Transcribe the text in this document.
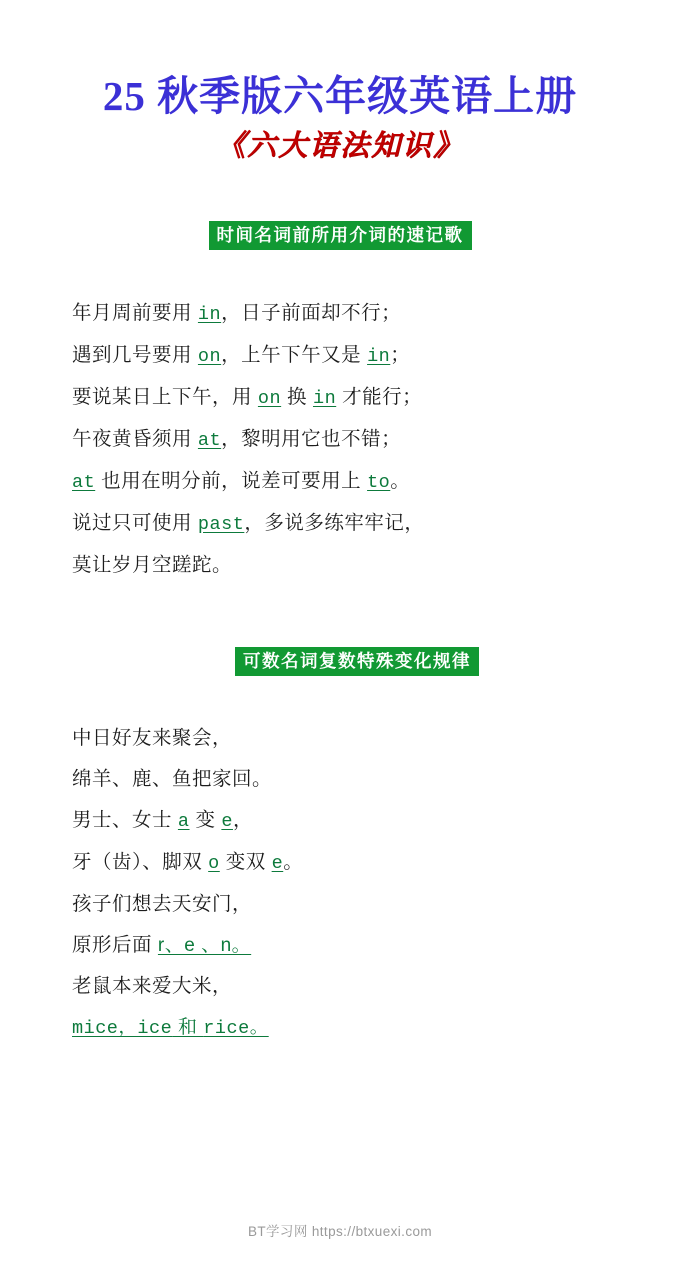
25 秋季版六年级英语上册
《六大语法知识》
时间名词前所用介词的速记歌
年月周前要用 in，日子前面却不行；
遇到几号要用 on，上午下午又是 in；
要说某日上下午，用 on 换 in 才能行；
午夜黄昏须用 at，黎明用它也不错；
at 也用在明分前，说差可要用上 to。
说过只可使用 past，多说多练牢牢记，
莫让岁月空蹉跎。
可数名词复数特殊变化规律
中日好友来聚会，
绵羊、鹿、鱼把家回。
男士、女士 a 变 e，
牙（齿）、脚双 o 变双 e。
孩子们想去天安门，
原形后面 r、e 、n。
老鼠本来爱大米，
mice，ice 和 rice。
BT学习网 https://btxuexi.com
